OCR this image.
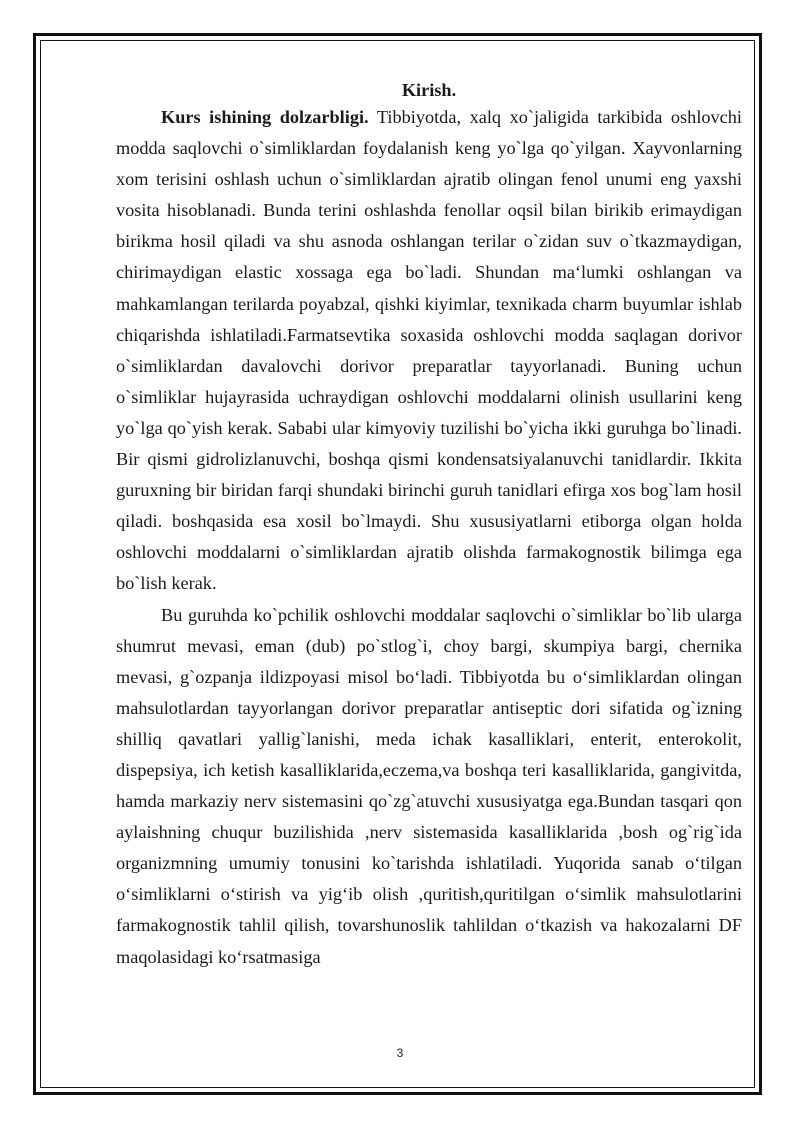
Kirish.

Kurs ishining dolzarbligi. Tibbiyotda, xalq xo`jaligida tarkibida oshlovchi modda saqlovchi o`simliklardan foydalanish keng yo`lga qo`yilgan. Xayvonlarning xom terisini oshlash uchun o`simliklardan ajratib olingan fenol unumi eng yaxshi vosita hisoblanadi. Bunda terini oshlashda fenollar oqsil bilan birikib erimaydigan birikma hosil qiladi va shu asnoda oshlangan terilar o`zidan suv o`tkazmaydigan, chirimaydigan elastic xossaga ega bo`ladi. Shundan maʻlumki oshlangan va mahkamlangan terilarda poyabzal, qishki kiyimlar, texnikada charm buyumlar ishlab chiqarishda ishlatiladi.Farmatsevtika soxasida oshlovchi modda saqlagan dorivor o`simliklardan davalovchi dorivor preparatlar tayyorlanadi. Buning uchun o`simliklar hujayrasida uchraydigan oshlovchi moddalarni olinish usullarini keng yo`lga qo`yish kerak. Sababi ular kimyoviy tuzilishi bo`yicha ikki guruhga bo`linadi. Bir qismi gidrolizlanuvchi, boshqa qismi kondensatsiyalanuvchi tanidlardir. Ikkita guruxning bir biridan farqi shundaki birinchi guruh tanidlari efirga xos bog`lam hosil qiladi. boshqasida esa xosil bo`lmaydi. Shu xususiyatlarni etiborga olgan holda oshlovchi moddalarni o`simliklardan ajratib olishda farmakognostik bilimga ega bo`lish kerak.

Bu guruhda ko`pchilik oshlovchi moddalar saqlovchi o`simliklar bo`lib ularga shumrut mevasi, eman (dub) po`stlog`i, choy bargi, skumpiya bargi, chernika mevasi, g`ozpanja ildizpoyasi misol boʻladi. Tibbiyotda bu oʻsimliklardan olingan mahsulotlardan tayyorlangan dorivor preparatlar antiseptic dori sifatida og`izning shilliq qavatlari yallig`lanishi, meda ichak kasalliklari, enterit, enterokolit, dispepsiya, ich ketish kasalliklarida,eczema,va boshqa teri kasalliklarida, gangivitda, hamda markaziy nerv sistemasini qo`zg`atuvchi xususiyatga ega.Bundan tasqari qon aylaishning chuqur buzilishida ,nerv sistemasida kasalliklarida ,bosh og`rig`ida organizmning umumiy tonusini ko`tarishda ishlatiladi. Yuqorida sanab oʻtilgan oʻsimliklarni oʻstirish va yigʻib olish ,quritish,quritilgan oʻsimlik mahsulotlarini farmakognostik tahlil qilish, tovarshunoslik tahlildan oʻtkazish va hakozalarni DF maqolasidagi koʻrsatmasiga

3
